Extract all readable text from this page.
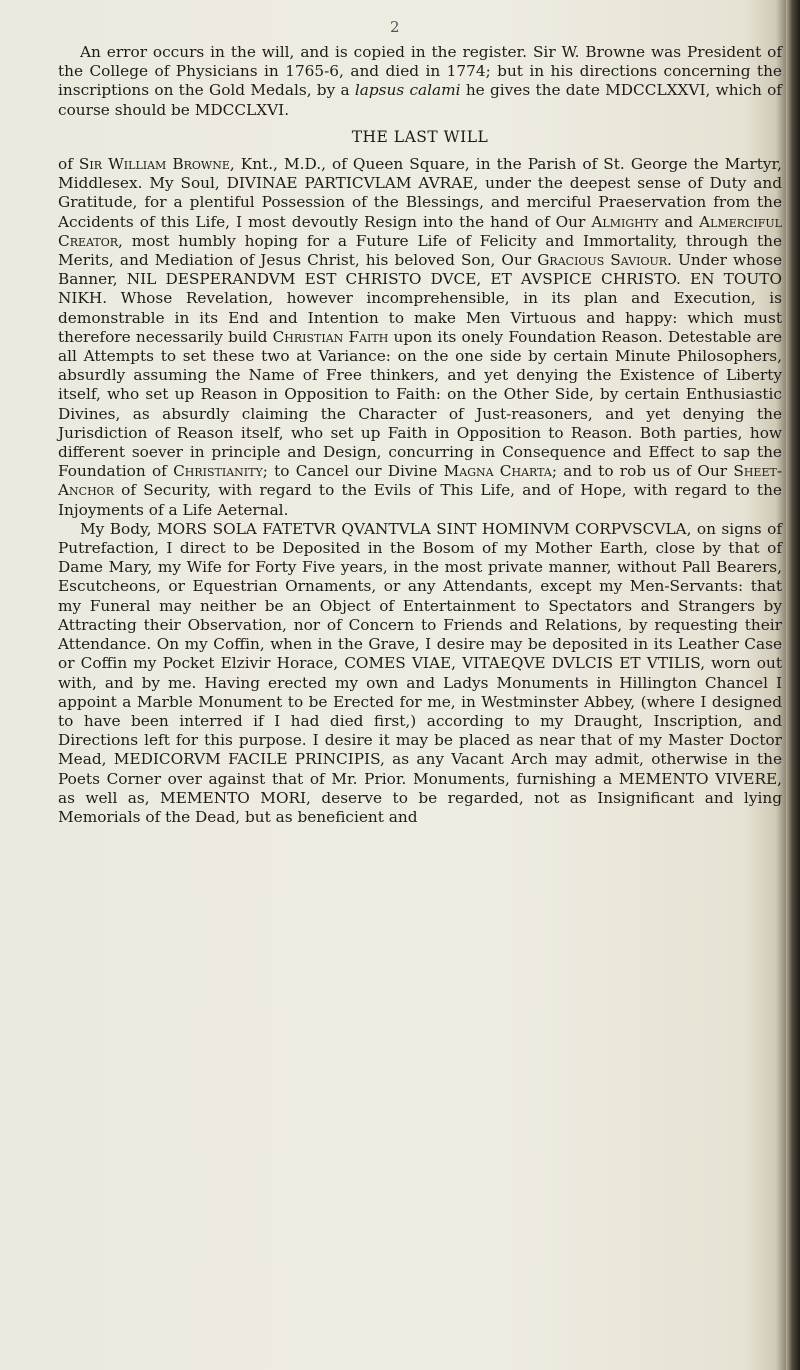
2

An error occurs in the will, and is copied in the register. Sir W. Browne was President of the College of Physicians in 1765-6, and died in 1774; but in his directions concerning the inscriptions on the Gold Medals, by a lapsus calami he gives the date MDCCLXXVI, which of course should be MDCCLXVI.

THE LAST WILL

of Sir William Browne, Knt., M.D., of Queen Square, in the Parish of St. George the Martyr, Middlesex. My Soul, DIVINAE PARTICVLAM AVRAE, under the deepest sense of Duty and Gratitude, for a plentiful Possession of the Blessings, and merciful Praeservation from the Accidents of this Life, I most devoutly Resign into the hand of Our Almighty and Almerciful Creator, most humbly hoping for a Future Life of Felicity and Immortality, through the Merits, and Mediation of Jesus Christ, his beloved Son, Our Gracious Saviour. Under whose Banner, NIL DESPERANDVM EST CHRISTO DVCE, ET AVSPICE CHRISTO. EN TOUTO NIKH. Whose Revelation, however incomprehensible, in its plan and Execution, is demonstrable in its End and Intention to make Men Virtuous and happy: which must therefore necessarily build Christian Faith upon its onely Foundation Reason. Detestable are all Attempts to set these two at Variance: on the one side by certain Minute Philosophers, absurdly assuming the Name of Free thinkers, and yet denying the Existence of Liberty itself, who set up Reason in Opposition to Faith: on the Other Side, by certain Enthusiastic Divines, as absurdly claiming the Character of Just-reasoners, and yet denying the Jurisdiction of Reason itself, who set up Faith in Opposition to Reason. Both parties, how different soever in principle and Design, concurring in Consequence and Effect to sap the Foundation of Christianity; to Cancel our Divine Magna Charta; and to rob us of Our Sheet-Anchor of Security, with regard to the Evils of This Life, and of Hope, with regard to the Injoyments of a Life Aeternal.

My Body, MORS SOLA FATETVR QVANTVLA SINT HOMINVM CORPVSCVLA, on signs of Putrefaction, I direct to be Deposited in the Bosom of my Mother Earth, close by that of Dame Mary, my Wife for Forty Five years, in the most private manner, without Pall Bearers, Escutcheons, or Equestrian Ornaments, or any Attendants, except my Men-Servants: that my Funeral may neither be an Object of Entertainment to Spectators and Strangers by Attracting their Observation, nor of Concern to Friends and Relations, by requesting their Attendance. On my Coffin, when in the Grave, I desire may be deposited in its Leather Case or Coffin my Pocket Elzivir Horace, COMES VIAE, VITAEQVE DVLCIS ET VTILIS, worn out with, and by me. Having erected my own and Ladys Monuments in Hillington Chancel I appoint a Marble Monument to be Erected for me, in Westminster Abbey, (where I designed to have been interred if I had died first,) according to my Draught, Inscription, and Directions left for this purpose. I desire it may be placed as near that of my Master Doctor Mead, MEDICORVM FACILE PRINCIPIS, as any Vacant Arch may admit, otherwise in the Poets Corner over against that of Mr. Prior. Monuments, furnishing a MEMENTO VIVERE, as well as, MEMENTO MORI, deserve to be regarded, not as Insignificant and lying Memorials of the Dead, but as beneficient and
